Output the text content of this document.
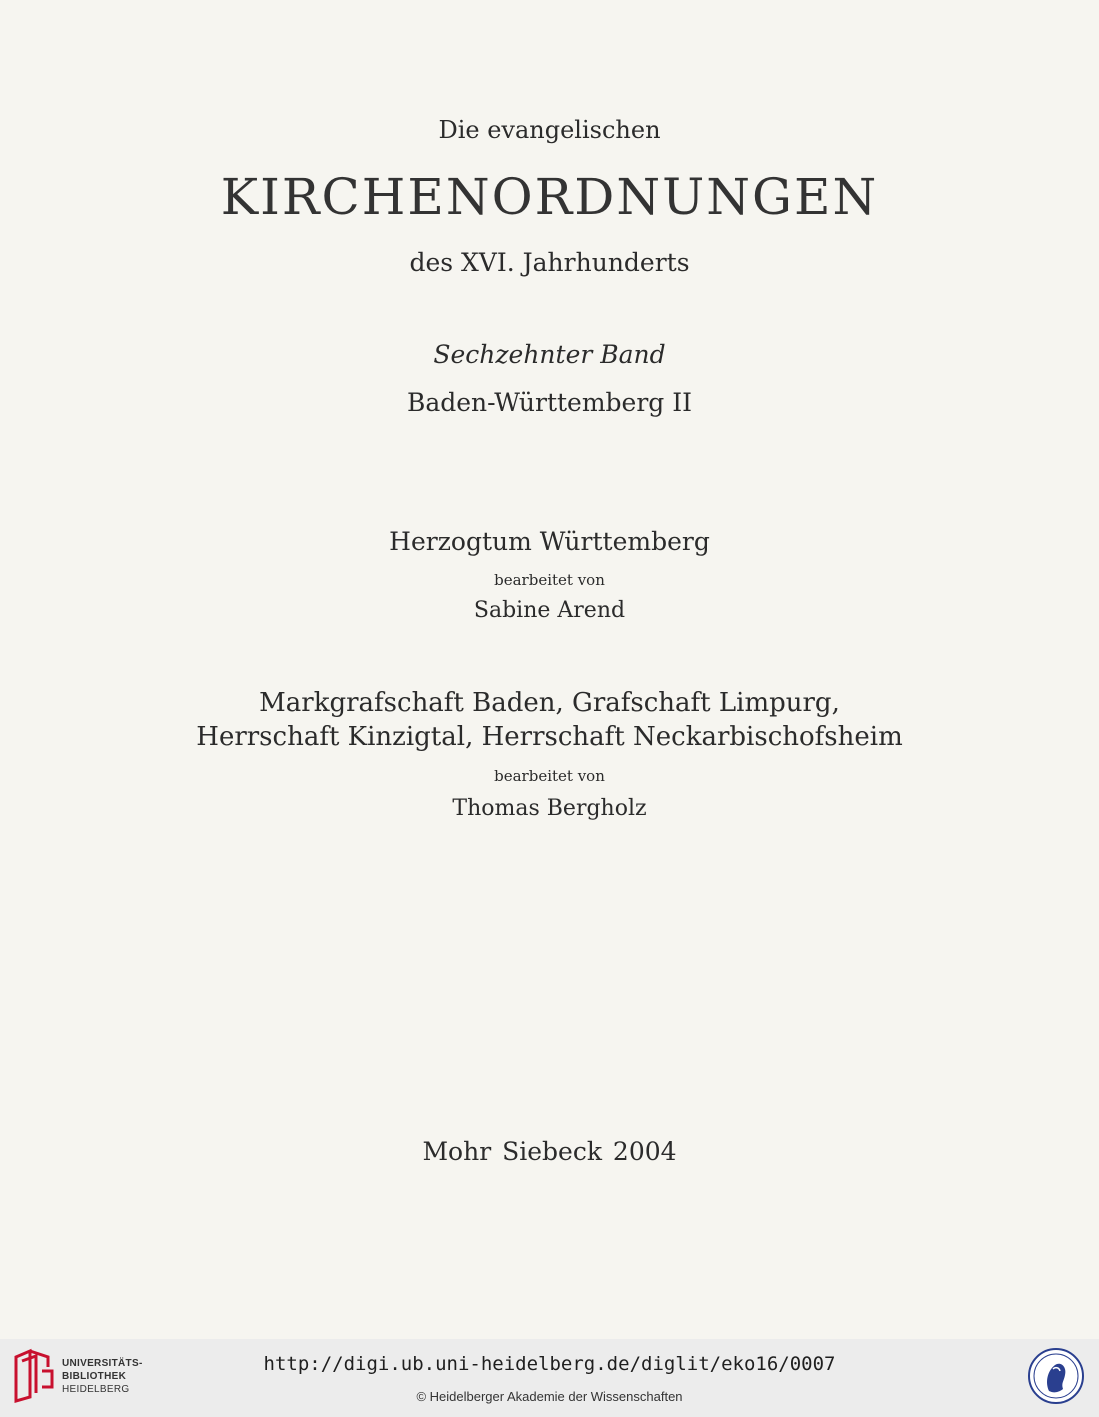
Die evangelischen
KIRCHENORDNUNGEN
des XVI. Jahrhunderts
Sechzehnter Band
Baden-Württemberg II
Herzogtum Württemberg
bearbeitet von
Sabine Arend
Markgrafschaft Baden, Grafschaft Limpurg,
Herrschaft Kinzigtal, Herrschaft Neckarbischofsheim
bearbeitet von
Thomas Bergholz
Mohr Siebeck 2004
UNIVERSITÄTS-
BIBLIOTHEK
HEIDELBERG
http://digi.ub.uni-heidelberg.de/diglit/eko16/0007
© Heidelberger Akademie der Wissenschaften
